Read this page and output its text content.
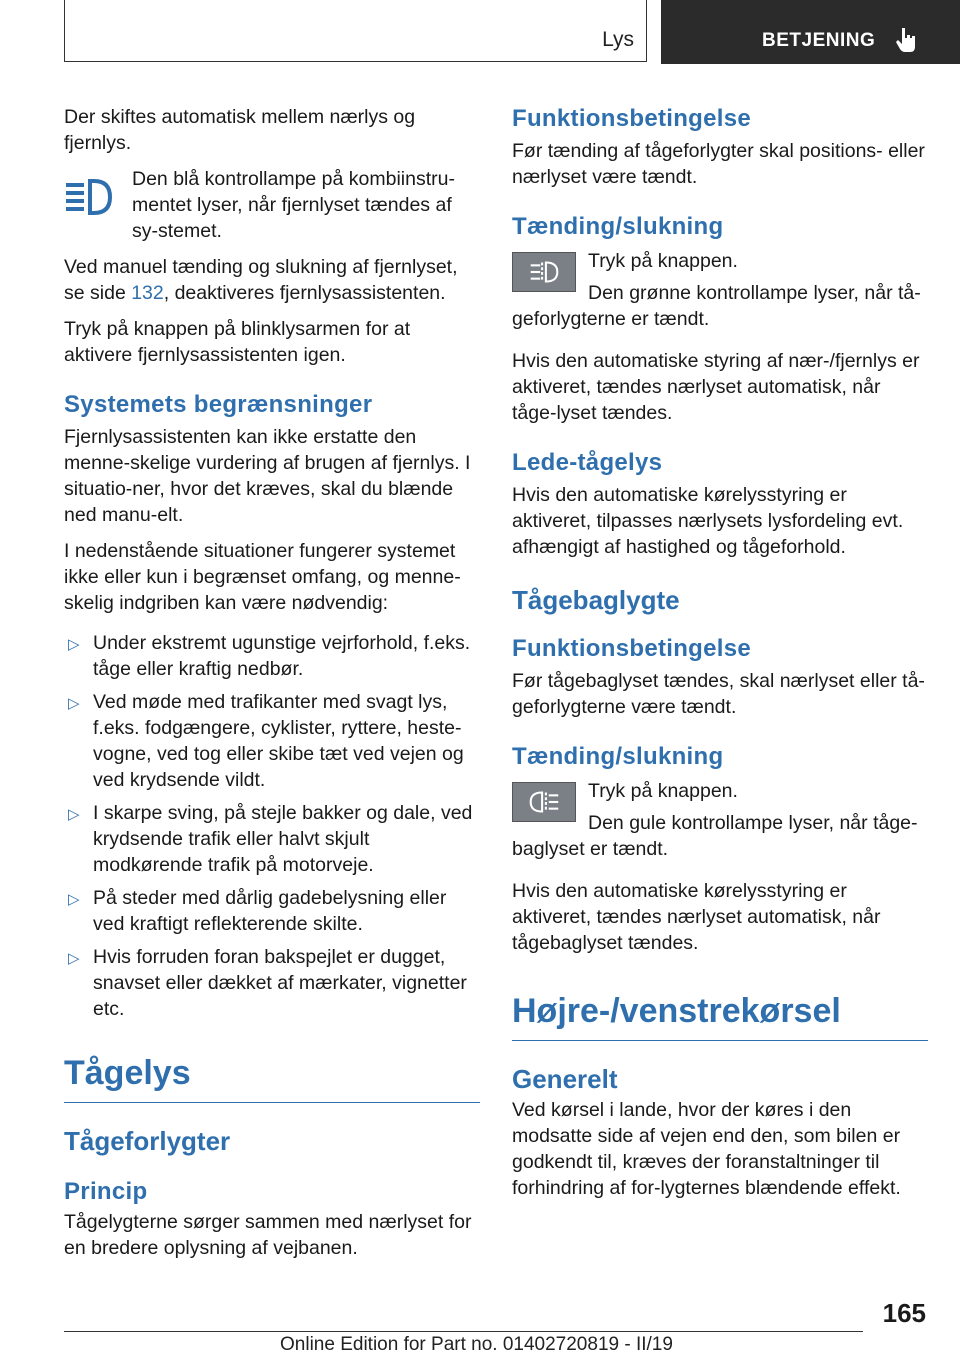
Lys	BETJENING

Der skiftes automatisk mellem nærlys og fjernlys.

Den blå kontrollampe på kombiinstru-mentet lyser, når fjernlyset tændes af sy-stemet.

Ved manuel tænding og slukning af fjernlyset, se side 132, deaktiveres fjernlysassistenten.

Tryk på knappen på blinklysarmen for at aktivere fjernlysassistenten igen.

Systemets begrænsninger

Fjernlysassistenten kan ikke erstatte den menne-skelige vurdering af brugen af fjernlys. I situatio-ner, hvor det kræves, skal du blænde ned manu-elt.

I nedenstående situationer fungerer systemet ikke eller kun i begrænset omfang, og menne-skelig indgriben kan være nødvendig:

▷ Under ekstremt ugunstige vejrforhold, f.eks. tåge eller kraftig nedbør.
▷ Ved møde med trafikanter med svagt lys, f.eks. fodgængere, cyklister, ryttere, heste-vogne, ved tog eller skibe tæt ved vejen og ved krydsende vildt.
▷ I skarpe sving, på stejle bakker og dale, ved krydsende trafik eller halvt skjult modkørende trafik på motorveje.
▷ På steder med dårlig gadebelysning eller ved kraftigt reflekterende skilte.
▷ Hvis forruden foran bakspejlet er dugget, snavset eller dækket af mærkater, vignetter etc.
Tågelys
Tågeforlygter
Princip

Tågelygterne sørger sammen med nærlyset for en bredere oplysning af vejbanen.

Funktionsbetingelse

Før tænding af tågeforlygter skal positions- eller nærlyset være tændt.

Tænding/slukning

Tryk på knappen.

Den grønne kontrollampe lyser, når tå-geforlygterne er tændt.

Hvis den automatiske styring af nær-/fjernlys er aktiveret, tændes nærlyset automatisk, når tåge-lyset tændes.

Lede-tågelys

Hvis den automatiske kørelysstyring er aktiveret, tilpasses nærlysets lysfordeling evt. afhængigt af hastighed og tågeforhold.

Tågebaglygte
Funktionsbetingelse

Før tågebaglyset tændes, skal nærlyset eller tå-geforlygterne være tændt.

Tænding/slukning

Tryk på knappen.

Den gule kontrollampe lyser, når tåge-baglyset er tændt.

Hvis den automatiske kørelysstyring er aktiveret, tændes nærlyset automatisk, når tågebaglyset tændes.

Højre-/venstrekørsel
Generelt

Ved kørsel i lande, hvor der køres i den modsatte side af vejen end den, som bilen er godkendt til, kræves der foranstaltninger til forhindring af for-lygternes blændende effekt.

165
Online Edition for Part no. 01402720819 - II/19
